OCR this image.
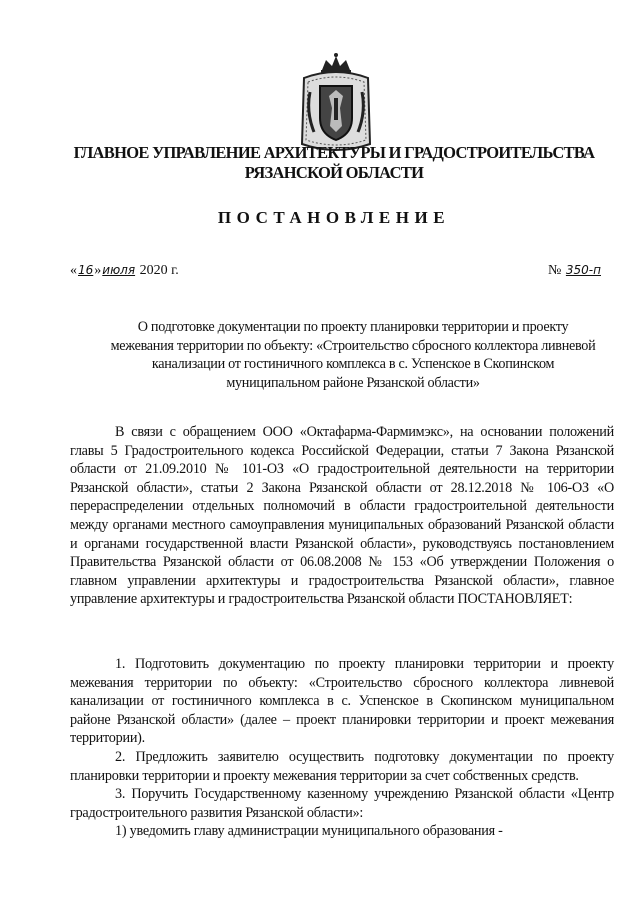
ГЛАВНОЕ УПРАВЛЕНИЕ АРХИТЕКТУРЫ И ГРАДОСТРОИТЕЛЬСТВА
РЯЗАНСКОЙ ОБЛАСТИ
ПОСТАНОВЛЕНИЕ
«16»июля 2020 г.	№ 350-п
О подготовке документации по проекту планировки территории и проекту межевания территории по объекту: «Строительство сбросного коллектора ливневой канализации от гостиничного комплекса в с. Успенское в Скопинском муниципальном районе Рязанской области»
В связи с обращением ООО «Октафарма-Фармимэкс», на основании положений главы 5 Градостроительного кодекса Российской Федерации, статьи 7 Закона Рязанской области от 21.09.2010 № 101-ОЗ «О градостроительной деятельности на территории Рязанской области», статьи 2 Закона Рязанской области от 28.12.2018 № 106-ОЗ «О перераспределении отдельных полномочий в области градостроительной деятельности между органами местного самоуправления муниципальных образований Рязанской области и органами государственной власти Рязанской области», руководствуясь постановлением Правительства Рязанской области от 06.08.2008 № 153 «Об утверждении Положения о главном управлении архитектуры и градостроительства Рязанской области», главное управление архитектуры и градостроительства Рязанской области ПОСТАНОВЛЯЕТ:

1. Подготовить документацию по проекту планировки территории и проекту межевания территории по объекту: «Строительство сбросного коллектора ливневой канализации от гостиничного комплекса в с. Успенское в Скопинском муниципальном районе Рязанской области» (далее – проект планировки территории и проект межевания территории).

2. Предложить заявителю осуществить подготовку документации по проекту планировки территории и проекту межевания территории за счет собственных средств.

3. Поручить Государственному казенному учреждению Рязанской области «Центр градостроительного развития Рязанской области»:

1) уведомить главу администрации муниципального образования -
